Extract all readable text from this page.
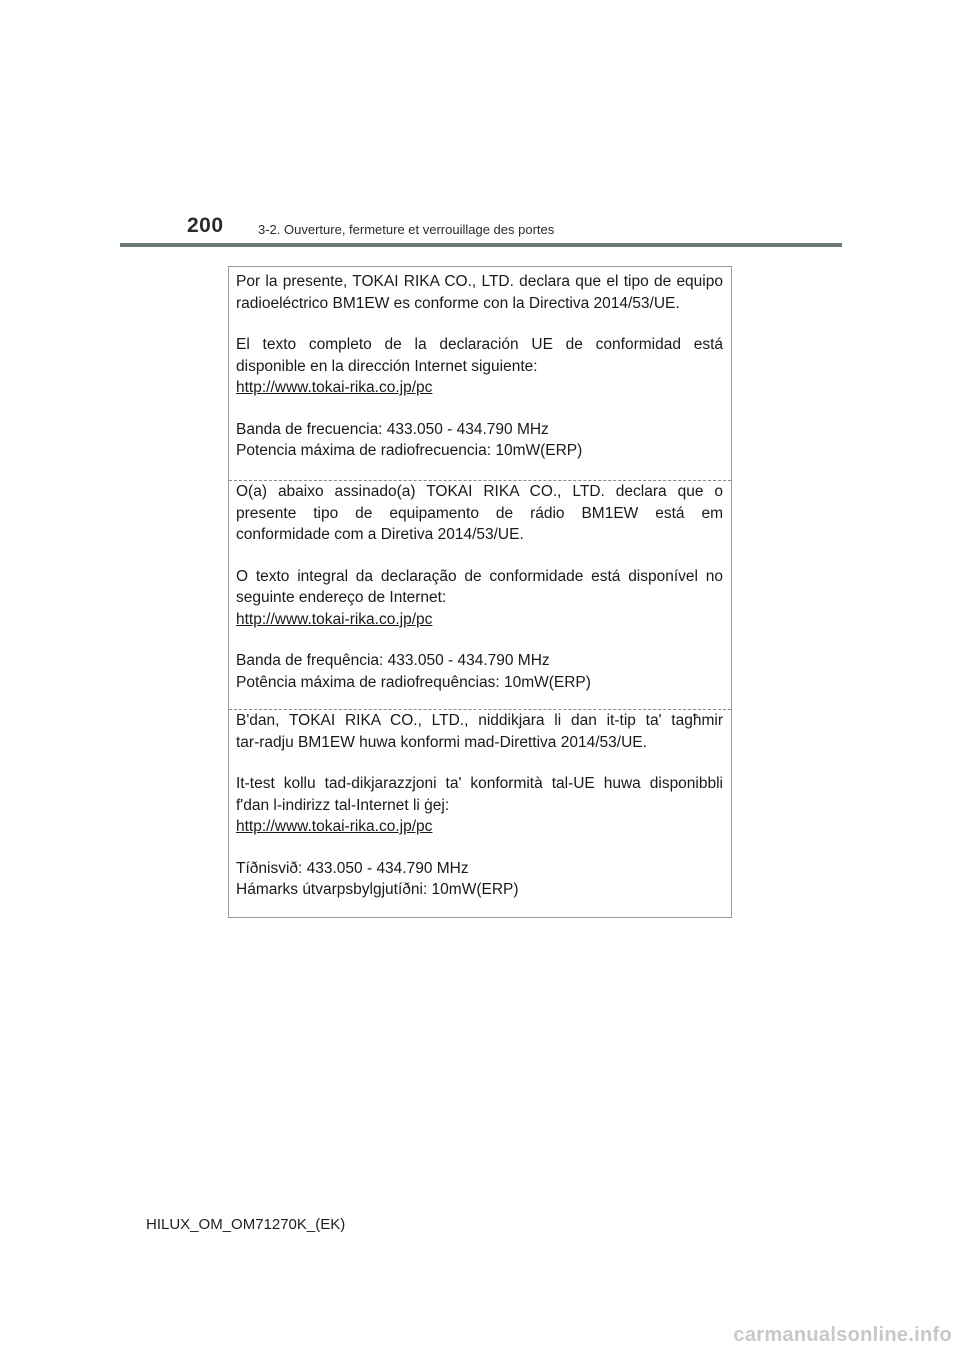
200	3-2. Ouverture, fermeture et verrouillage des portes
Por la presente, TOKAI RIKA CO., LTD. declara que el tipo de equipo
radioeléctrico BM1EW es conforme con la Directiva 2014/53/UE.
El texto completo de la declaración UE de conformidad está
disponible en la dirección Internet siguiente:
http://www.tokai-rika.co.jp/pc
Banda de frecuencia: 433.050 - 434.790 MHz
Potencia máxima de radiofrecuencia: 10mW(ERP)
O(a) abaixo assinado(a) TOKAI RIKA CO., LTD. declara que o
presente tipo de equipamento de rádio BM1EW está em
conformidade com a Diretiva 2014/53/UE.
O texto integral da declaração de conformidade está disponível no
seguinte endereço de Internet:
http://www.tokai-rika.co.jp/pc
Banda de frequência: 433.050 - 434.790 MHz
Potência máxima de radiofrequências: 10mW(ERP)
B'dan, TOKAI RIKA CO., LTD., niddikjara li dan it-tip ta' tagħmir
tar-radju BM1EW huwa konformi mad-Direttiva 2014/53/UE.
It-test kollu tad-dikjarazzjoni ta' konformità tal-UE huwa disponibbli
f'dan l-indirizz tal-Internet li ġej:
http://www.tokai-rika.co.jp/pc
Tíðnisvið: 433.050 - 434.790 MHz
Hámarks útvarpsbylgjutíðni: 10mW(ERP)
HILUX_OM_OM71270K_(EK)
carmanualsonline.info
